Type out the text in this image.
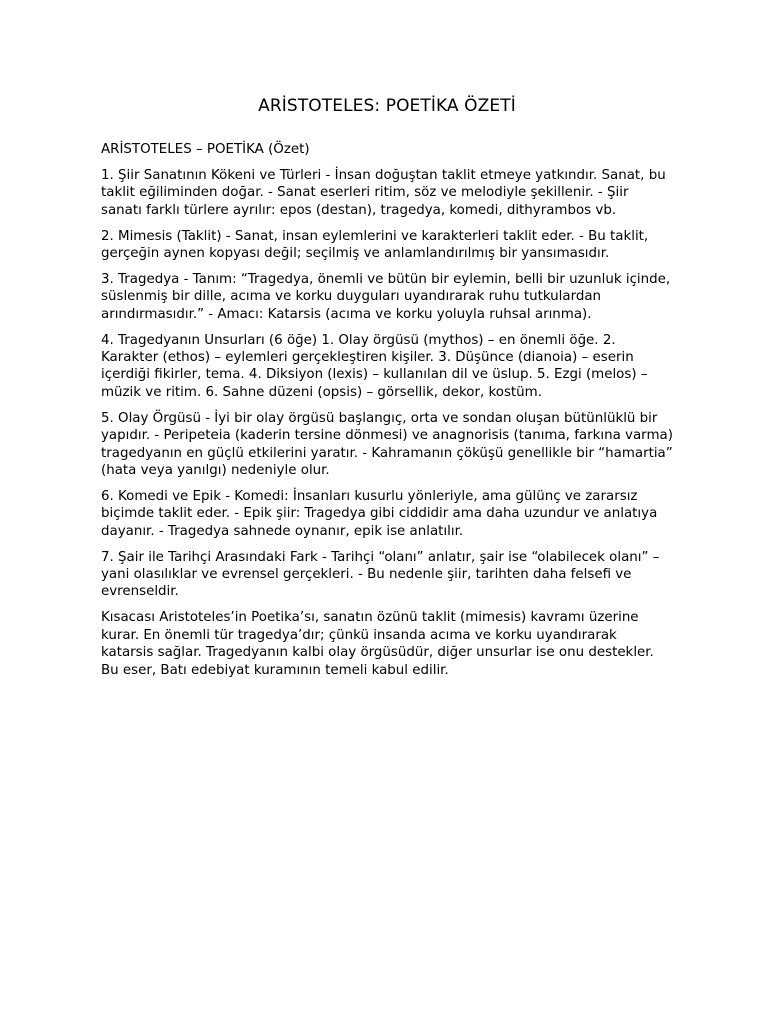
ARİSTOTELES: POETİKA ÖZETİ

ARİSTOTELES – POETİKA (Özet)

1. Şiir Sanatının Kökeni ve Türleri - İnsan doğuştan taklit etmeye yatkındır. Sanat, bu taklit eğiliminden doğar. - Sanat eserleri ritim, söz ve melodiyle şekillenir. - Şiir sanatı farklı türlere ayrılır: epos (destan), tragedya, komedi, dithyrambos vb.

2. Mimesis (Taklit) - Sanat, insan eylemlerini ve karakterleri taklit eder. - Bu taklit, gerçeğin aynen kopyası değil; seçilmiş ve anlamlandırılmış bir yansımasıdır.

3. Tragedya - Tanım: “Tragedya, önemli ve bütün bir eylemin, belli bir uzunluk içinde, süslenmiş bir dille, acıma ve korku duyguları uyandırarak ruhu tutkulardan arındırmasıdır.” - Amacı: Katarsis (acıma ve korku yoluyla ruhsal arınma).

4. Tragedyanın Unsurları (6 öğe) 1. Olay örgüsü (mythos) – en önemli öğe. 2. Karakter (ethos) – eylemleri gerçekleştiren kişiler. 3. Düşünce (dianoia) – eserin içerdiği fikirler, tema. 4. Diksiyon (lexis) – kullanılan dil ve üslup. 5. Ezgi (melos) – müzik ve ritim. 6. Sahne düzeni (opsis) – görsellik, dekor, kostüm.

5. Olay Örgüsü - İyi bir olay örgüsü başlangıç, orta ve sondan oluşan bütünlüklü bir yapıdır. - Peripeteia (kaderin tersine dönmesi) ve anagnorisis (tanıma, farkına varma) tragedyanın en güçlü etkilerini yaratır. - Kahramanın çöküşü genellikle bir “hamartia” (hata veya yanılgı) nedeniyle olur.

6. Komedi ve Epik - Komedi: İnsanları kusurlu yönleriyle, ama gülünç ve zararsız biçimde taklit eder. - Epik şiir: Tragedya gibi ciddidir ama daha uzundur ve anlatıya dayanır. - Tragedya sahnede oynanır, epik ise anlatılır.

7. Şair ile Tarihçi Arasındaki Fark - Tarihçi “olanı” anlatır, şair ise “olabilecek olanı” – yani olasılıklar ve evrensel gerçekleri. - Bu nedenle şiir, tarihten daha felsefi ve evrenseldir.

Kısacası Aristoteles’in Poetika’sı, sanatın özünü taklit (mimesis) kavramı üzerine kurar. En önemli tür tragedya’dır; çünkü insanda acıma ve korku uyandırarak katarsis sağlar. Tragedyanın kalbi olay örgüsüdür, diğer unsurlar ise onu destekler. Bu eser, Batı edebiyat kuramının temeli kabul edilir.
